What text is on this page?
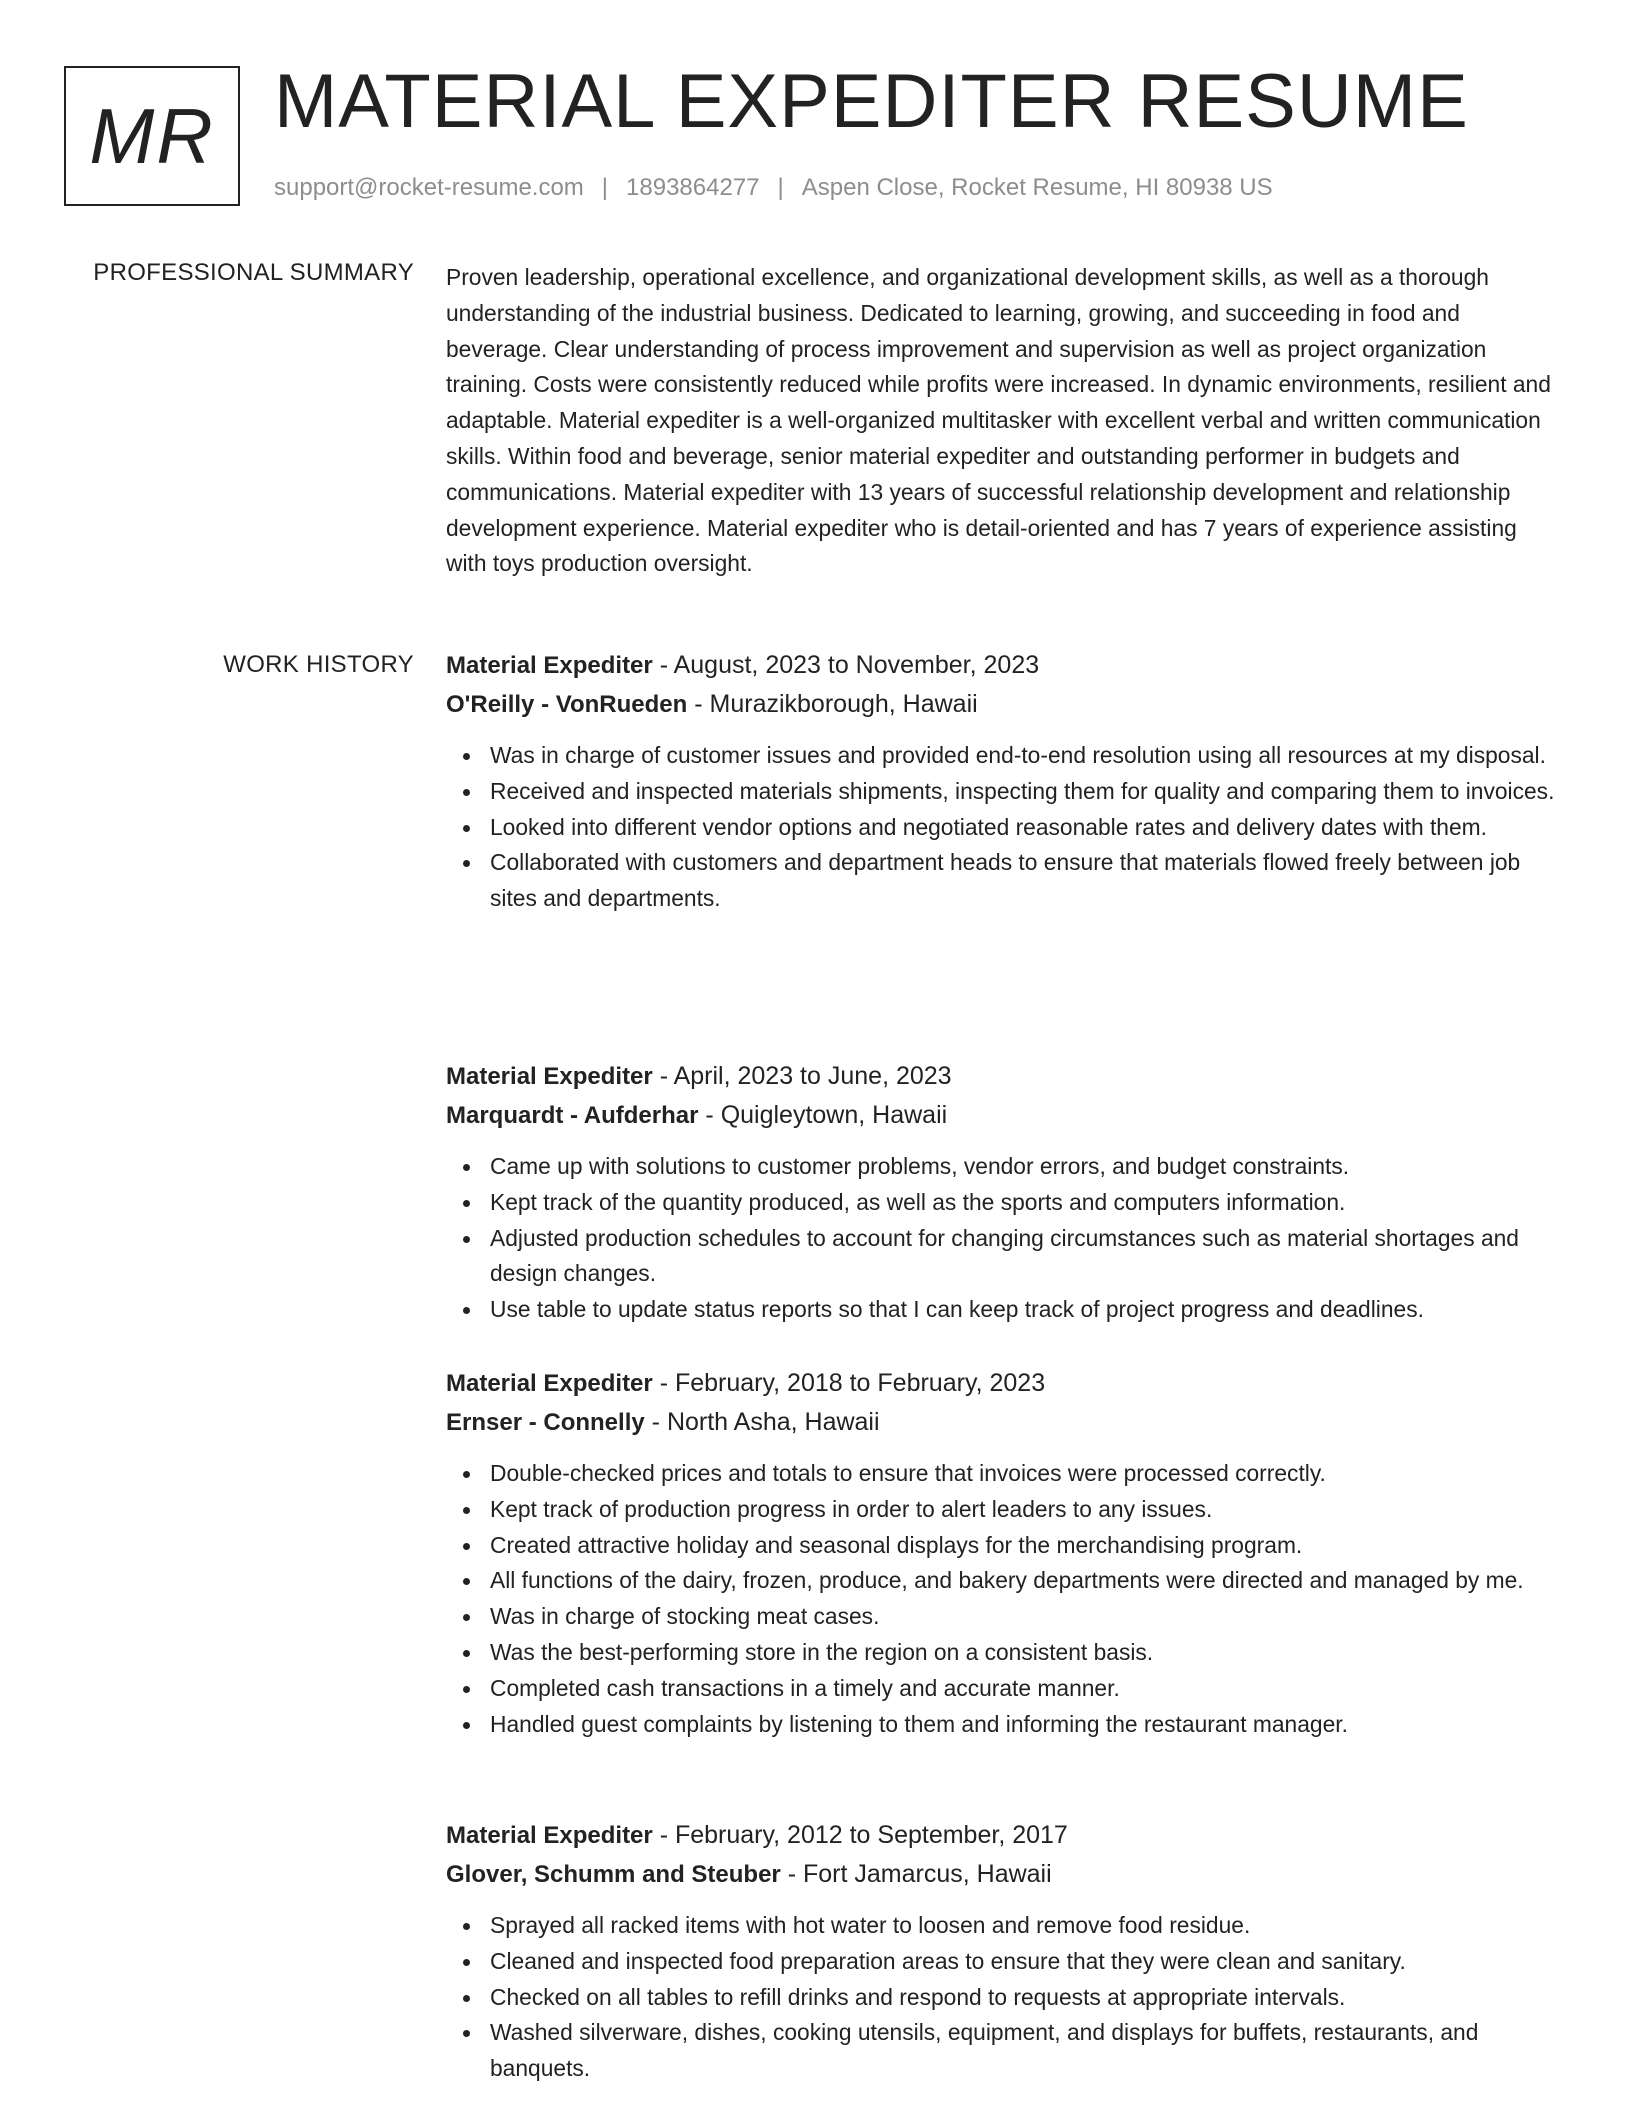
MR MATERIAL EXPEDITER RESUME
support@rocket-resume.com | 1893864277 | Aspen Close, Rocket Resume, HI 80938 US
PROFESSIONAL SUMMARY Proven leadership, operational excellence, and organizational development skills, as well as a thorough understanding of the industrial business. Dedicated to learning, growing, and succeeding in food and beverage. Clear understanding of process improvement and supervision as well as project organization training. Costs were consistently reduced while profits were increased. In dynamic environments, resilient and adaptable. Material expediter is a well-organized multitasker with excellent verbal and written communication skills. Within food and beverage, senior material expediter and outstanding performer in budgets and communications. Material expediter with 13 years of successful relationship development and relationship development experience. Material expediter who is detail-oriented and has 7 years of experience assisting with toys production oversight.

WORK HISTORY Material Expediter - August, 2023 to November, 2023
O'Reilly - VonRueden - Murazikborough, Hawaii
Was in charge of customer issues and provided end-to-end resolution using all resources at my disposal.
Received and inspected materials shipments, inspecting them for quality and comparing them to invoices.
Looked into different vendor options and negotiated reasonable rates and delivery dates with them.
Collaborated with customers and department heads to ensure that materials flowed freely between job sites and departments.
Material Expediter - April, 2023 to June, 2023
Marquardt - Aufderhar - Quigleytown, Hawaii
Came up with solutions to customer problems, vendor errors, and budget constraints.
Kept track of the quantity produced, as well as the sports and computers information.
Adjusted production schedules to account for changing circumstances such as material shortages and design changes.
Use table to update status reports so that I can keep track of project progress and deadlines.
Material Expediter - February, 2018 to February, 2023
Ernser - Connelly - North Asha, Hawaii
Double-checked prices and totals to ensure that invoices were processed correctly.
Kept track of production progress in order to alert leaders to any issues.
Created attractive holiday and seasonal displays for the merchandising program.
All functions of the dairy, frozen, produce, and bakery departments were directed and managed by me.
Was in charge of stocking meat cases.
Was the best-performing store in the region on a consistent basis.
Completed cash transactions in a timely and accurate manner.
Handled guest complaints by listening to them and informing the restaurant manager.
Material Expediter - February, 2012 to September, 2017
Glover, Schumm and Steuber - Fort Jamarcus, Hawaii
Sprayed all racked items with hot water to loosen and remove food residue.
Cleaned and inspected food preparation areas to ensure that they were clean and sanitary.
Checked on all tables to refill drinks and respond to requests at appropriate intervals.
Washed silverware, dishes, cooking utensils, equipment, and displays for buffets, restaurants, and banquets.
